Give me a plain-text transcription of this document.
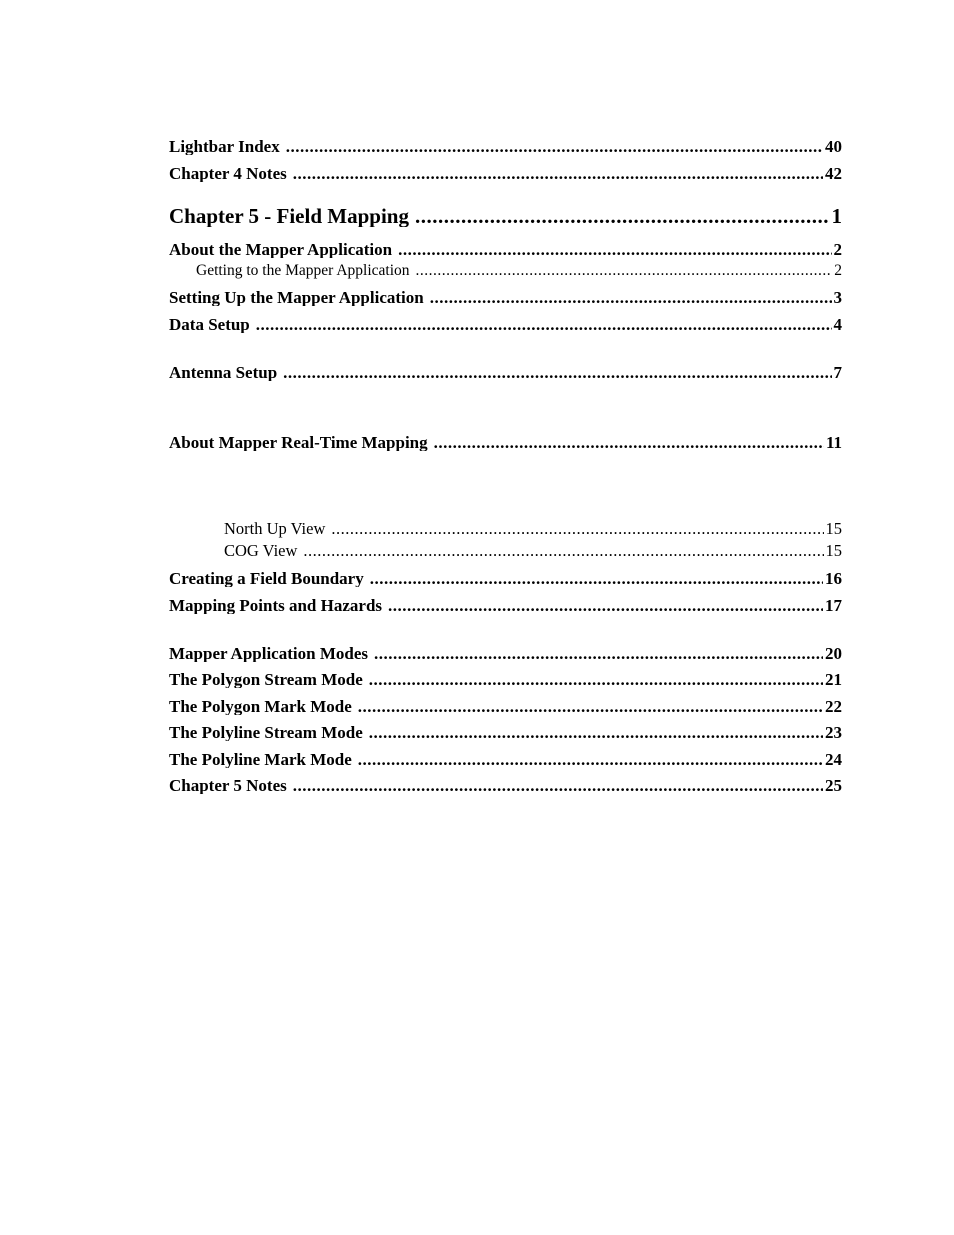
Lightbar Index .....	40
Chapter 4 Notes .....	42
Chapter 5 - Field Mapping .....	1
About the Mapper Application .....	2
Getting to the Mapper Application .....	2
Setting Up the Mapper Application .....	3
Data Setup .....	4
Antenna Setup .....	7
About Mapper Real-Time Mapping .....	11
North Up View .....	15
COG View .....	15
Creating a Field Boundary .....	16
Mapping Points and Hazards .....	17
Mapper Application Modes .....	20
The Polygon Stream Mode .....	21
The Polygon Mark Mode .....	22
The Polyline Stream Mode .....	23
The Polyline Mark Mode .....	24
Chapter 5 Notes .....	25
